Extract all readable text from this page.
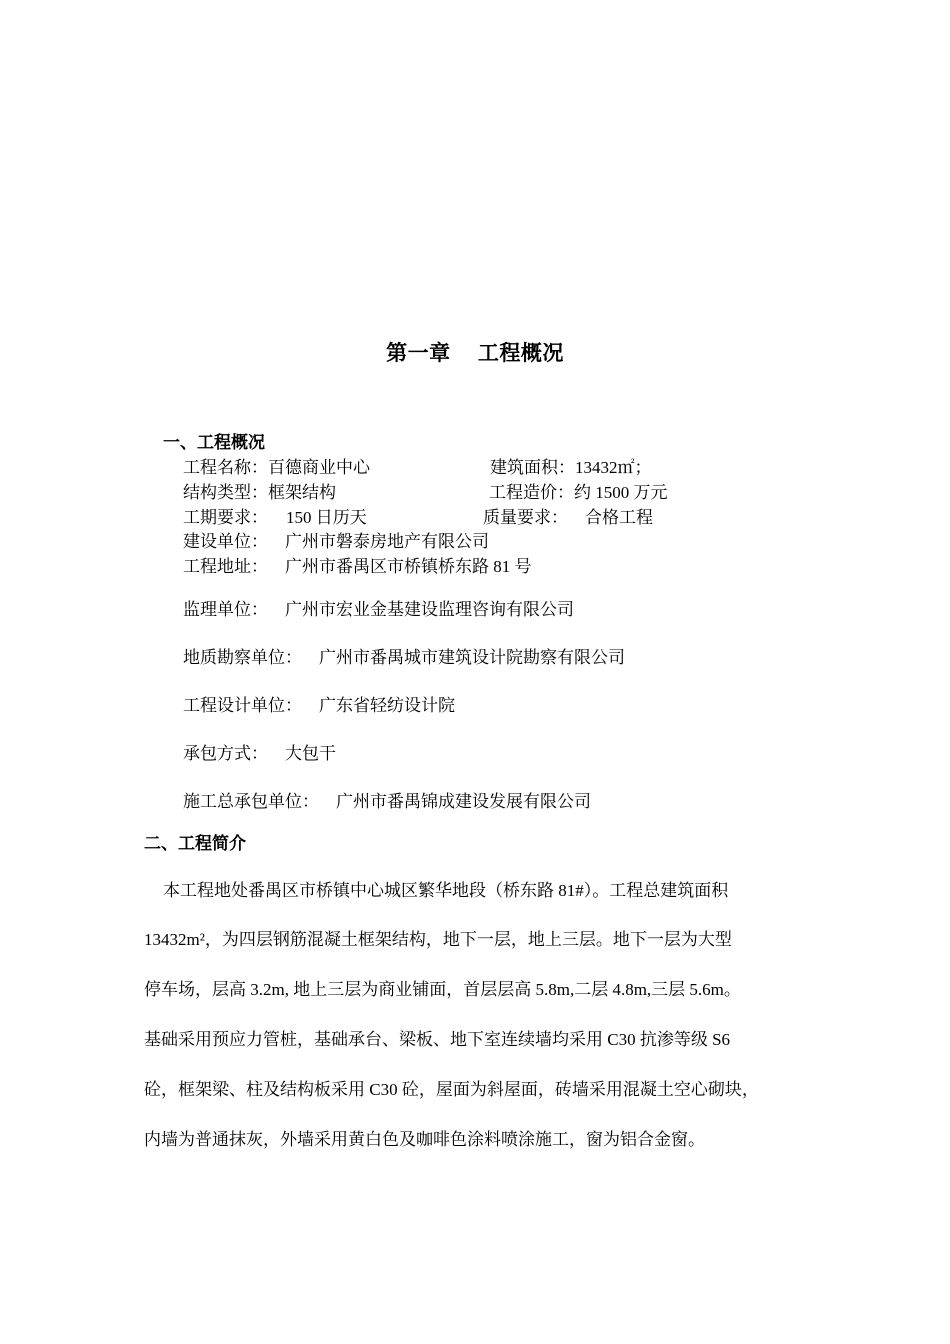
第一章　 工程概况
一、工程概况
工程名称：百德商业中心	建筑面积：13432㎡；
结构类型：框架结构	工程造价：约 1500 万元
工期要求： 150 日历天	质量要求： 合格工程
建设单位： 广州市磐泰房地产有限公司
工程地址： 广州市番禺区市桥镇桥东路 81 号
监理单位： 广州市宏业金基建设监理咨询有限公司
地质勘察单位： 广州市番禺城市建筑设计院勘察有限公司
工程设计单位： 广东省轻纺设计院
承包方式： 大包干
施工总承包单位： 广州市番禺锦成建设发展有限公司
二、工程简介
本工程地处番禺区市桥镇中心城区繁华地段（桥东路 81#）。工程总建筑面积
13432m²，为四层钢筋混凝土框架结构，地下一层，地上三层。地下一层为大型
停车场，层高 3.2m, 地上三层为商业铺面，首层层高 5.8m,二层 4.8m,三层 5.6m。
基础采用预应力管桩，基础承台、梁板、地下室连续墙均采用 C30 抗渗等级 S6
砼，框架梁、柱及结构板采用 C30 砼，屋面为斜屋面，砖墙采用混凝土空心砌块，
内墙为普通抹灰，外墙采用黄白色及咖啡色涂料喷涂施工，窗为铝合金窗。
